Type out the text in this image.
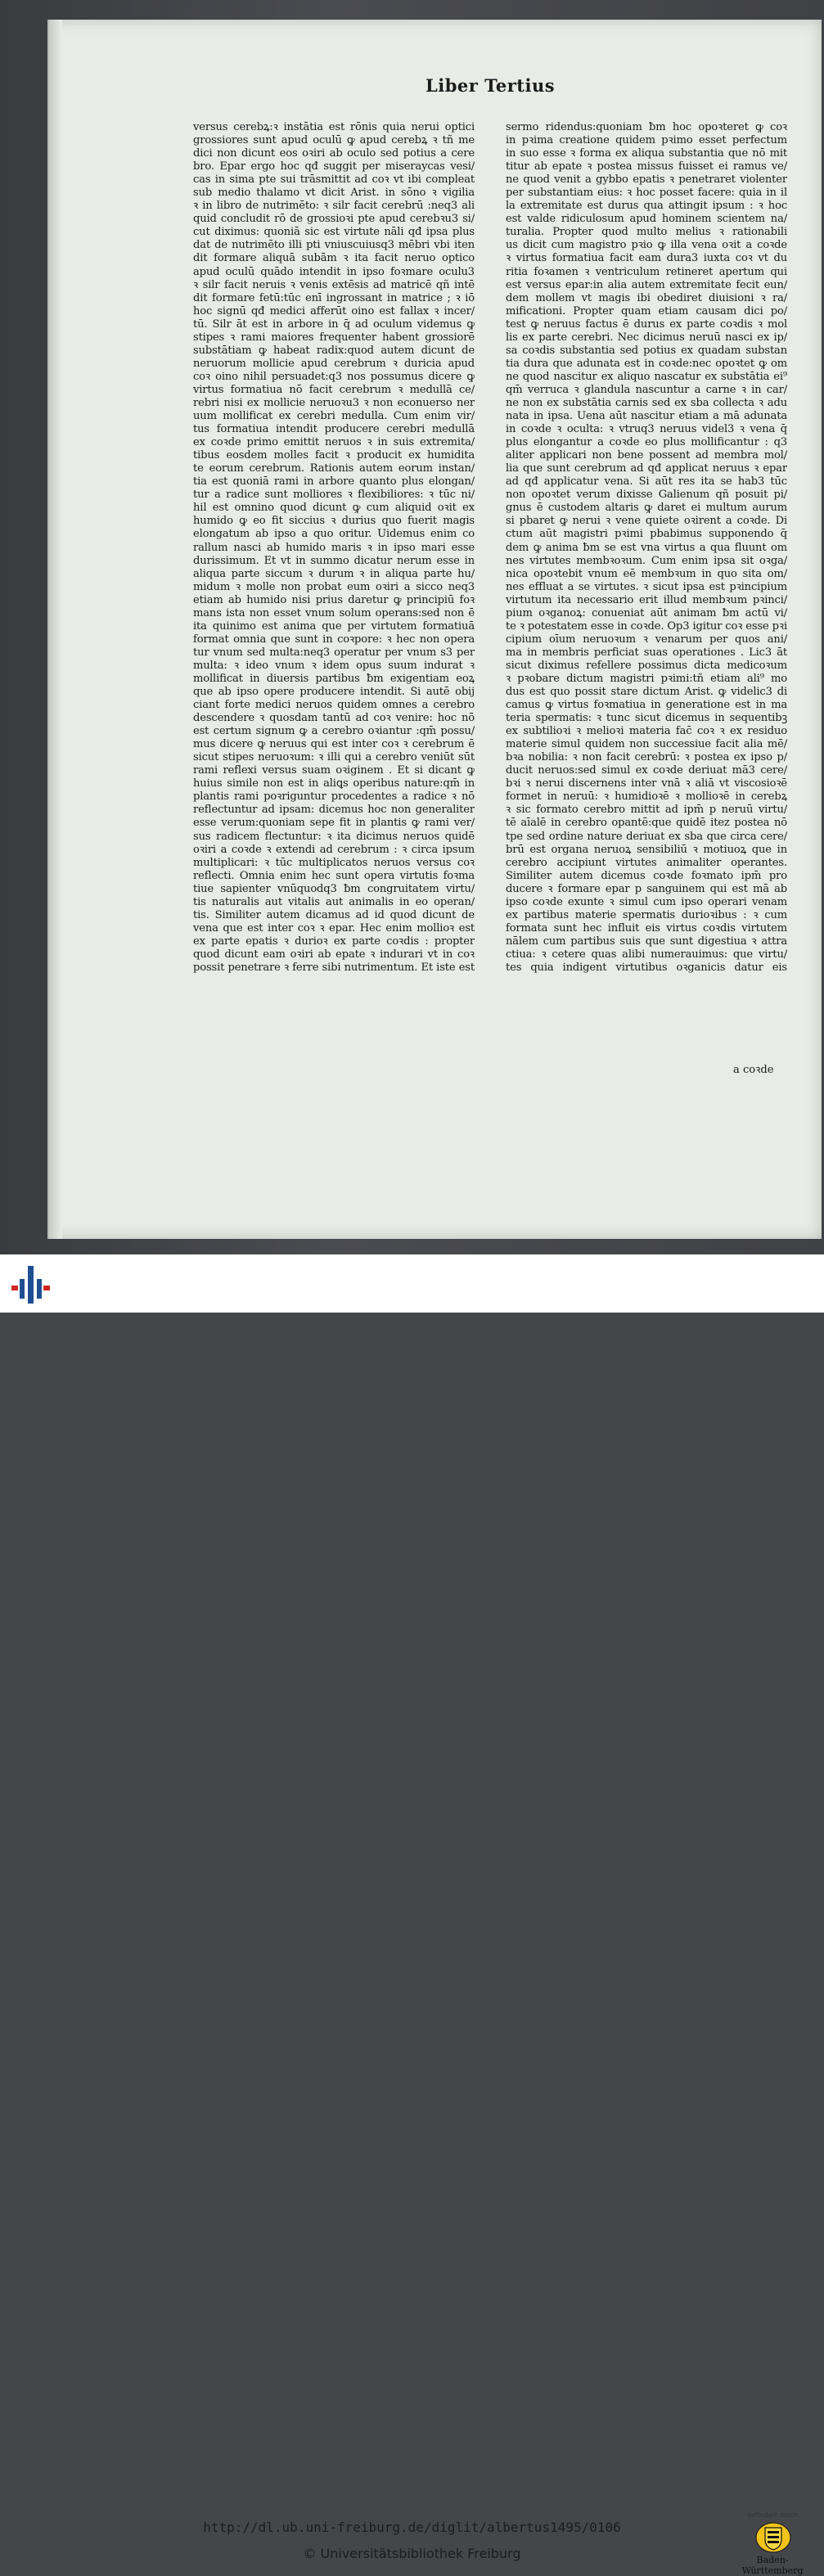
Liber Tertius
versus cerebꝝ:ꝛ instātia est rōnis quia nerui optici
grossiores sunt apud oculū ꝙ apud cerebꝝ ꝛ tñ me
dici non dicunt eos oꝛiri ab oculo sed potius a cere
bro. Epar ergo hoc qđ suggit per miseraycas vesi/
cas in sima pte sui trāsmittit ad coꝛ vt ibi compleat
sub medio thalamo vt dicit Arist. in sōno ꝛ vigilia
ꝛ in libro de nutrimēto: ꝛ silr facit cerebrū :neq3 ali
quid concludit rō de grossioꝛi pte apud cerebꝛu3 si/
cut diximus: quoniā sic est virtute nāli qđ ipsa plus
dat de nutrimēto illi pti vniuscuiusq3 mēbri vbi iten
dit formare aliquā subām ꝛ ita facit neruo optico
apud oculū quādo intendit in ipso foꝛmare oculu3
ꝛ silr facit neruis ꝛ venis extēsis ad matricē qñ intē
dit formare fetū:tūc enī ingrossant̄ in matrice ; ꝛ iō
hoc signū qđ medici afferūt oino est fallax ꝛ incer/
tū. Silr āt est in arbore in q̄ ad oculum videmus ꝙ
stipes ꝛ rami maiores frequenter habent grossiorē
substātiam ꝙ habeat radix:quod autem dicunt de
neruorum mollicie apud cerebrum ꝛ duricia apud
coꝛ oino nihil persuadet:q3 nos possumus dicere ꝙ
virtus formatiua nō facit cerebrum ꝛ medullā ce/
rebri nisi ex mollicie neruoꝛu3 ꝛ non econuerso ner
uum mollificat ex cerebri medulla. Cum enim vir/
tus formatiua intendit producere cerebri medullā
ex coꝛde primo emittit neruos ꝛ in suis extremita/
tibus eosdem molles facit ꝛ producit ex humidita
te eorum cerebrum. Rationis autem eorum instan/
tia est quoniā rami in arbore quanto plus elongan/
tur a radice sunt molliores ꝛ flexibiliores: ꝛ tūc ni/
hil est omnino quod dicunt ꝙ cum aliquid oꝛit ex
humido ꝙ eo fit siccius ꝛ durius quo fuerit magis
elongatum ab ipso a quo oritur. Uidemus enim co
rallum nasci ab humido maris ꝛ in ipso mari esse
durissimum. Et vt in summo dicatur nerum esse in
aliqua parte siccum ꝛ durum ꝛ in aliqua parte hu/
midum ꝛ molle non probat eum oꝛiri a sicco neq3
etiam ab humido nisi prius daretur ꝙ principiū foꝛ
mans ista non esset vnum solum operans:sed non ē
ita quinimo est anima que per virtutem formatiuā
format omnia que sunt in coꝛpore: ꝛ hec non opera
tur vnum sed multa:neq3 operatur per vnum s3 per
multa: ꝛ ideo vnum ꝛ idem opus suum indurat ꝛ
mollificat in diuersis partibus ƀm exigentiam eoꝝ
que ab ipso opere producere intendit. Si autē obij
ciant forte medici neruos quidem omnes a cerebro
descendere ꝛ quosdam tantū ad coꝛ venire: hoc nō
est certum signum ꝙ a cerebro oꝛiantur :qm̄ possu/
mus dicere ꝙ neruus qui est inter coꝛ ꝛ cerebrum ē
sicut stipes neruoꝛum: ꝛ illi qui a cerebro veniūt sūt
rami reflexi versus suam oꝛiginem . Et si dicant ꝙ
huius simile non est in aliꝗs operibus nature:qm̄ in
plantis rami poꝛriguntur procedentes a radice ꝛ nō
reflectuntur ad ipsam: dicemus hoc non generaliter
esse verum:quoniam sepe fit in plantis ꝙ rami ver/
sus radicem flectuntur: ꝛ ita dicimus neruos quidē
oꝛiri a coꝛde ꝛ extendi ad cerebrum : ꝛ circa ipsum
multiplicari: ꝛ tūc multiplicatos neruos versus coꝛ
reflecti. Omnia enim hec sunt opera virtutis foꝛma
tiue sapienter vnūquodq3 ƀm congruitatem virtu/
tis naturalis aut vitalis aut animalis in eo operan/
tis. Similiter autem dicamus ad id quod dicunt de
vena que est inter coꝛ ꝛ epar. Hec enim mollioꝛ est
ex parte epatis ꝛ durioꝛ ex parte coꝛdis : propter
quod dicunt eam oꝛiri ab epate ꝛ indurari vt in coꝛ
possit penetrare ꝛ ferre sibi nutrimentum. Et iste est
sermo ridendus:quoniam ƀm hoc opoꝛteret ꝙ coꝛ
in pꝛima creatione quidem pꝛimo esset perfectum
in suo esse ꝛ forma ex aliqua substantia que nō mit
titur ab epate ꝛ postea missus fuisset ei ramus ve/
ne quod venit a gybbo epatis ꝛ penetraret violenter
per substantiam eius: ꝛ hoc posset facere: quia in il
la extremitate est durus qua attingit ipsum : ꝛ hoc
est valde ridiculosum apud hominem scientem na/
turalia. Propter quod multo melius ꝛ rationabili
us dicit cum magistro pꝛio ꝙ illa vena oꝛit a coꝛde
ꝛ virtus formatiua facit eam dura3 iuxta coꝛ vt du
ritia foꝛamen ꝛ ventriculum retineret apertum qui
est versus epar:in alia autem extremitate fecit eun/
dem mollem vt magis ibi obediret diuisioni ꝛ ra/
mificationi. Propter quam etiam causam dici po/
test ꝙ neruus factus ē durus ex parte coꝛdis ꝛ mol
lis ex parte cerebri. Nec dicimus neruū nasci ex ip/
sa coꝛdis substantia sed potius ex quadam substan
tia dura que adunata est in coꝛde:nec opoꝛtet ꝙ om
ne quod nascitur ex aliquo nascatur ex substātia ei⁹
qm̄ verruca ꝛ glandula nascuntur a carne ꝛ in car/
ne non ex substātia carnis sed ex sba collecta ꝛ adu
nata in ipsa. Uena aūt nascitur etiam a mā adunata
in coꝛde ꝛ oculta: ꝛ vtruq3 neruus videl3 ꝛ vena q̄
plus elongantur a coꝛde eo plus mollificantur : q3
aliter applicari non bene possent ad membra mol/
lia que sunt cerebrum ad qđ applicat̄ neruus ꝛ epar
ad qđ applicatur vena. Si aūt res ita se hab3 tūc
non opoꝛtet verum dixisse Galienum qñ posuit pi/
gnus ē custodem altaris ꝙ daret ei multum aurum
si pbaret ꝙ nerui ꝛ vene quiete oꝛirent̄ a coꝛde. Di
ctum aūt magistri pꝛimi pbabimus supponendo q̄
dem ꝙ anima ƀm se est vna virtus a qua fluunt om
nes virtutes membꝛoꝛum. Cum enim ipsa sit oꝛga/
nica opoꝛtebit vnum eē membꝛum in quo sita om/
nes effluat a se virtutes. ꝛ sicut ipsa est pꝛincipium
virtutum ita necessario erit illud membꝛum pꝛinci/
pium oꝛganoꝝ: conueniat aūt animam ƀm actū vi/
te ꝛ potestatem esse in coꝛde. Op3 igitur coꝛ esse pꝛi
cipium oīum neruoꝛum ꝛ venarum per quos ani/
ma in membris perficiat suas operationes . Lic3 āt
sicut diximus refellere possimus dicta medicoꝛum
ꝛ pꝛobare dictum magistri pꝛimi:tñ etiam ali⁹ mo
dus est quo possit stare dictum Arist. ꝙ videlic3 di
camus ꝙ virtus foꝛmatiua in generatione est in ma
teria spermatis: ꝛ tunc sicut dicemus in sequentibꝫ
ex subtilioꝛi ꝛ melioꝛi materia fac̄ coꝛ ꝛ ex residuo
materie simul quidem non successiue facit alia mē/
bꝛa nobilia: ꝛ non facit cerebrū: ꝛ postea ex ipso p/
ducit neruos:sed simul ex coꝛde deriuat mā3 cere/
bꝛi ꝛ nerui discernens inter vnā ꝛ aliā vt viscosioꝛē
formet in neruū: ꝛ humidioꝛē ꝛ mollioꝛē in cerebꝝ
ꝛ sic formato cerebro mittit ad ipm̄ p neruū virtu/
tē aīalē in cerebro opantē:que quidē itez postea nō
tpe sed ordine nature deriuat ex sba que circa cere/
brū est organa neruoꝝ sensibiliū ꝛ motiuoꝝ que in
cerebro accipiunt virtutes animaliter operantes.
Similiter autem dicemus coꝛde foꝛmato ipm̄ pro
ducere ꝛ formare epar p sanguinem qui est mā ab
ipso coꝛde exunte ꝛ simul cum ipso operari venam
ex partibus materie spermatis durioꝛibus : ꝛ cum
formata sunt hec influit eis virtus coꝛdis virtutem
nālem cum partibus suis que sunt digestiua ꝛ attra
ctiua: ꝛ cetere quas alibi numerauimus: que virtu/
tes quia indigent virtutibus oꝛganicis datur eis
a coꝛde
http://dl.ub.uni-freiburg.de/diglit/albertus1495/0106
© Universitätsbibliothek Freiburg
gefördert durch
Baden-Württemberg
